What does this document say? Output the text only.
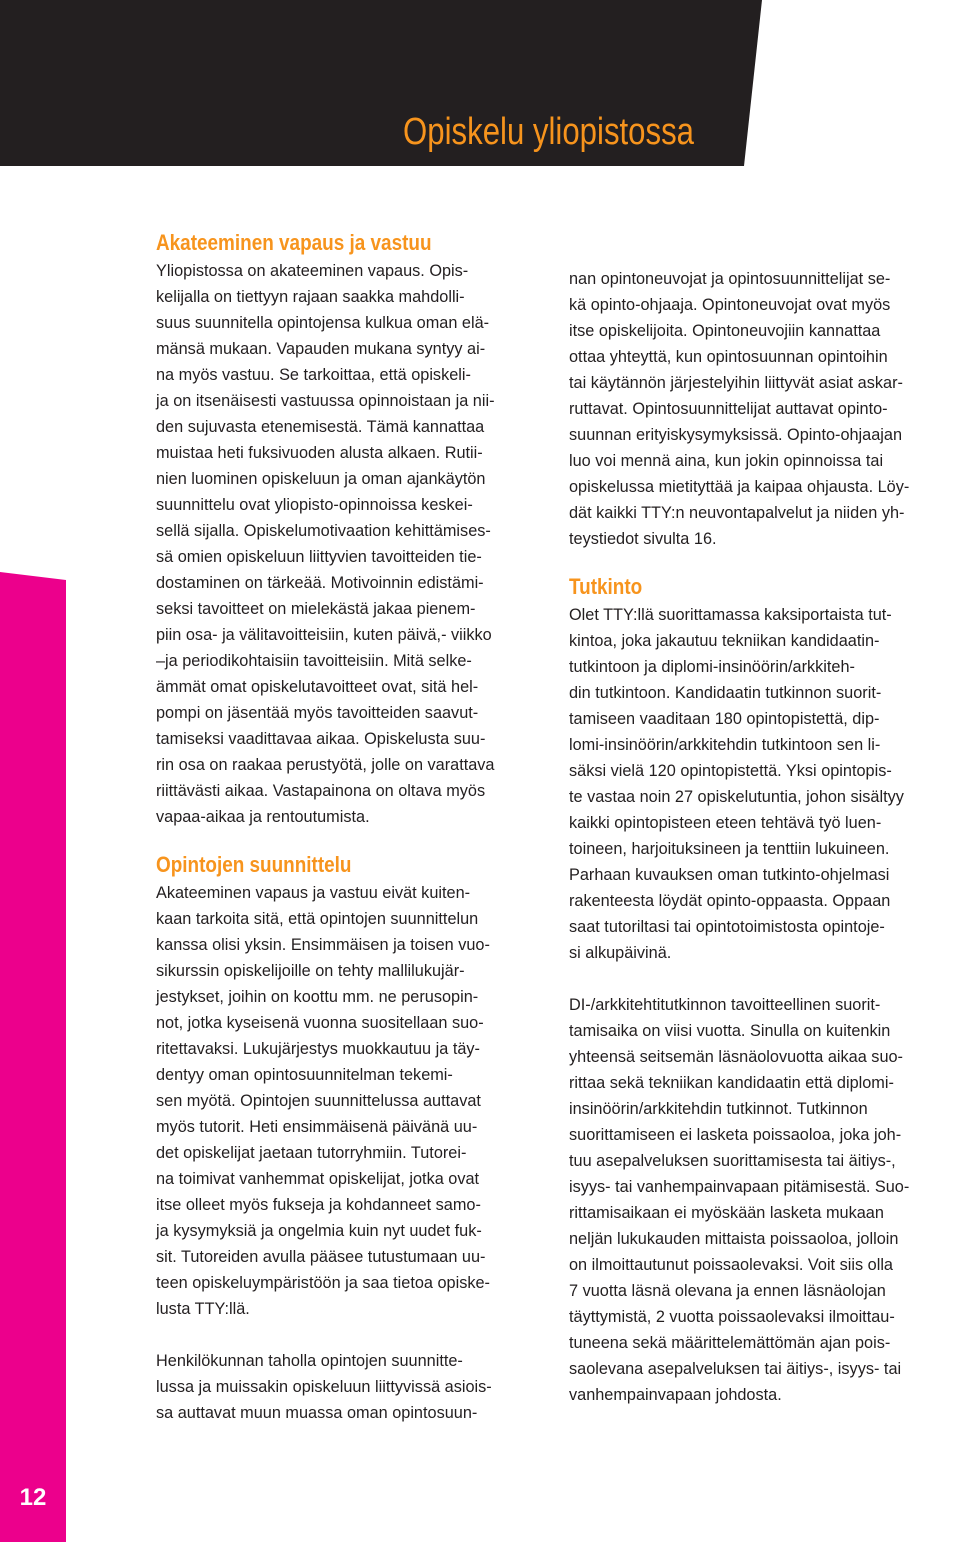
Opiskelu yliopistossa
Akateeminen vapaus ja vastuu

Yliopistossa on akateeminen vapaus. Opis-
kelijalla on tiettyyn rajaan saakka mahdolli-
suus suunnitella opintojensa kulkua oman elä-
mänsä mukaan. Vapauden mukana syntyy ai-
na myös vastuu. Se tarkoittaa, että opiskeli-
ja on itsenäisesti vastuussa opinnoistaan ja nii-
den sujuvasta etenemisestä. Tämä kannattaa
muistaa heti fuksivuoden alusta alkaen. Rutii-
nien luominen opiskeluun ja oman ajankäytön
suunnittelu ovat yliopisto-opinnoissa keskei-
sellä sijalla. Opiskelumotivaation kehittämises-
sä omien opiskeluun liittyvien tavoitteiden tie-
dostaminen on tärkeää. Motivoinnin edistämi-
seksi tavoitteet on mielekästä jakaa pienem-
piin osa- ja välitavoitteisiin, kuten päivä,- viikko
–ja periodikohtaisiin tavoitteisiin. Mitä selke-
ämmät omat opiskelutavoitteet ovat, sitä hel-
pompi on jäsentää myös tavoitteiden saavut-
tamiseksi vaadittavaa aikaa. Opiskelusta suu-
rin osa on raakaa perustyötä, jolle on varattava
riittävästi aikaa. Vastapainona on oltava myös
vapaa-aikaa ja rentoutumista.

Opintojen suunnittelu

Akateeminen vapaus ja vastuu eivät kuiten-
kaan tarkoita sitä, että opintojen suunnittelun
kanssa olisi yksin. Ensimmäisen ja toisen vuo-
sikurssin opiskelijoille on tehty mallilukujär-
jestykset, joihin on koottu mm. ne perusopin-
not, jotka kyseisenä vuonna suositellaan suo-
ritettavaksi. Lukujärjestys muokkautuu ja täy-
dentyy oman opintosuunnitelman tekemi-
sen myötä. Opintojen suunnittelussa auttavat
myös tutorit. Heti ensimmäisenä päivänä uu-
det opiskelijat jaetaan tutorryhmiin. Tutorei-
na toimivat vanhemmat opiskelijat, jotka ovat
itse olleet myös fukseja ja kohdanneet samo-
ja kysymyksiä ja ongelmia kuin nyt uudet fuk-
sit. Tutoreiden avulla pääsee tutustumaan uu-
teen opiskeluympäristöön ja saa tietoa opiske-
lusta TTY:llä.

Henkilökunnan taholla opintojen suunnitte-
lussa ja muissakin opiskeluun liittyvissä asiois-
sa auttavat muun muassa oman opintosuun-

nan opintoneuvojat ja opintosuunnittelijat se-
kä opinto-ohjaaja. Opintoneuvojat ovat myös
itse opiskelijoita. Opintoneuvojiin kannattaa
ottaa yhteyttä, kun opintosuunnan opintoihin
tai käytännön järjestelyihin liittyvät asiat askar-
ruttavat. Opintosuunnittelijat auttavat opinto-
suunnan erityiskysymyksissä. Opinto-ohjaajan
luo voi mennä aina, kun jokin opinnoissa tai
opiskelussa mietityttää ja kaipaa ohjausta. Löy-
dät kaikki TTY:n neuvontapalvelut ja niiden yh-
teystiedot sivulta 16.

Tutkinto

Olet TTY:llä suorittamassa kaksiportaista tut-
kintoa, joka jakautuu tekniikan kandidaatin-
tutkintoon ja diplomi-insinöörin/arkkiteh-
din tutkintoon. Kandidaatin tutkinnon suorit-
tamiseen vaaditaan 180 opintopistettä, dip-
lomi-insinöörin/arkkitehdin tutkintoon sen li-
säksi vielä 120 opintopistettä. Yksi opintopis-
te vastaa noin 27 opiskelutuntia, johon sisältyy
kaikki opintopisteen eteen tehtävä työ luen-
toineen, harjoituksineen ja tenttiin lukuineen.
Parhaan kuvauksen oman tutkinto-ohjelmasi
rakenteesta löydät opinto-oppaasta. Oppaan
saat tutoriltasi tai opintotoimistosta opintoje-
si alkupäivinä.

DI-/arkkitehtitutkinnon tavoitteellinen suorit-
tamisaika on viisi vuotta. Sinulla on kuitenkin
yhteensä seitsemän läsnäolovuotta aikaa suo-
rittaa sekä tekniikan kandidaatin että diplomi-
insinöörin/arkkitehdin tutkinnot. Tutkinnon
suorittamiseen ei lasketa poissaoloa, joka joh-
tuu asepalveluksen suorittamisesta tai äitiys-,
isyys- tai vanhempainvapaan pitämisestä. Suo-
rittamisaikaan ei myöskään lasketa mukaan
neljän lukukauden mittaista poissaoloa, jolloin
on ilmoittautunut poissaolevaksi. Voit siis olla
7 vuotta läsnä olevana ja ennen läsnäolojan
täyttymistä, 2 vuotta poissaolevaksi ilmoittau-
tuneena sekä määrittelemättömän ajan pois-
saolevana asepalveluksen tai äitiys-, isyys- tai
vanhempainvapaan johdosta.

12
